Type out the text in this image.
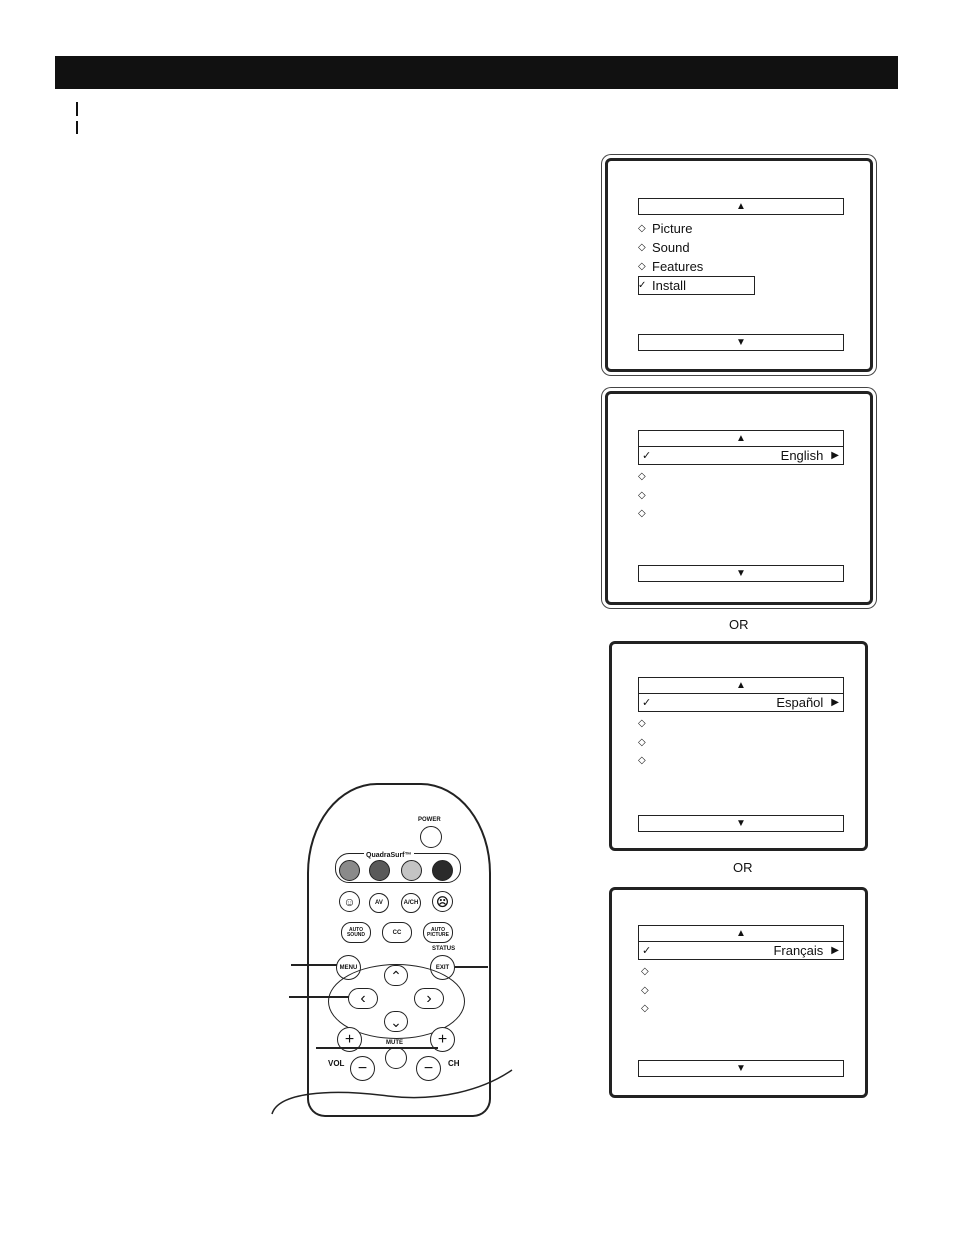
▲
◇ Picture
◇ Sound
◇ Features
✓ Install
▼
▲
✓	English ▶
◇
◇
◇
▼
OR
▲
✓	Español ▶
◇
◇
◇
▼
OR
▲
✓	Français ▶
◇
◇
◇
▼
POWER
QuadraSurf™
☺	AV	A/CH ☹
AUTO SOUND	CC	AUTO PICTURE
STATUS
MENU	EXIT
⌃
‹	›
⌄
+	+
MUTE
VOL	CH
−	−
